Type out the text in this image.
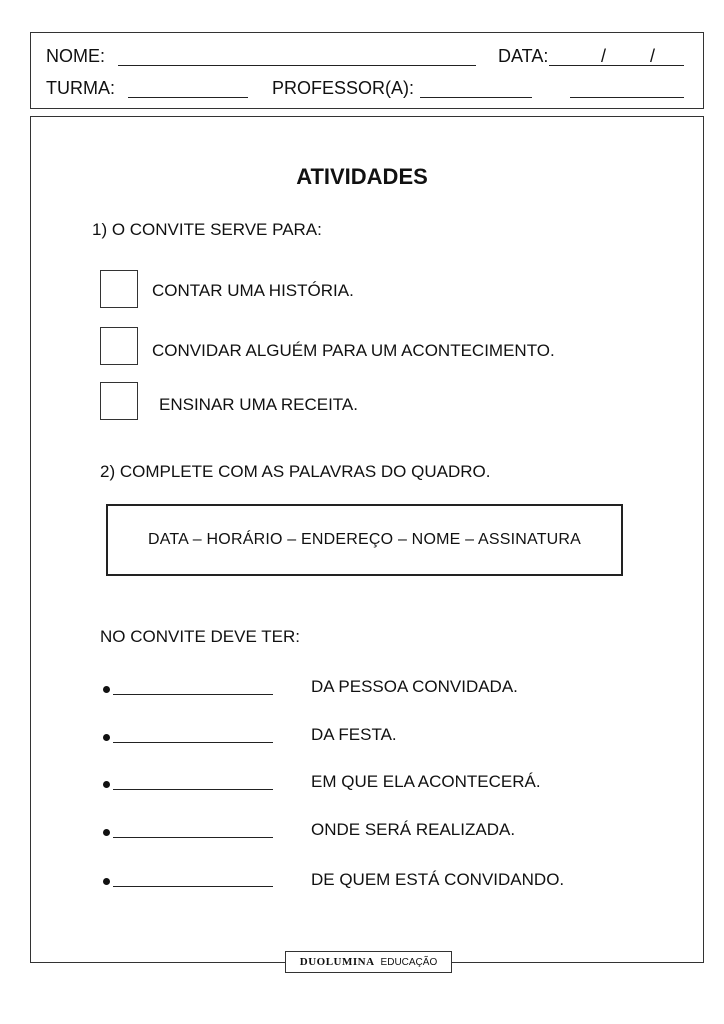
NOME:	DATA:	/ /
TURMA:	PROFESSOR(A):
DUOLUMINA EDUCAÇÃO
ATIVIDADES
1) O CONVITE SERVE PARA:
CONTAR UMA HISTÓRIA.
CONVIDAR ALGUÉM PARA UM ACONTECIMENTO.
ENSINAR UMA RECEITA.
2) COMPLETE COM AS PALAVRAS DO QUADRO.
DATA – HORÁRIO – ENDEREÇO – NOME – ASSINATURA
NO CONVITE DEVE TER:
DA PESSOA CONVIDADA.
DA FESTA.
EM QUE ELA ACONTECERÁ.
ONDE SERÁ REALIZADA.
DE QUEM ESTÁ CONVIDANDO.
